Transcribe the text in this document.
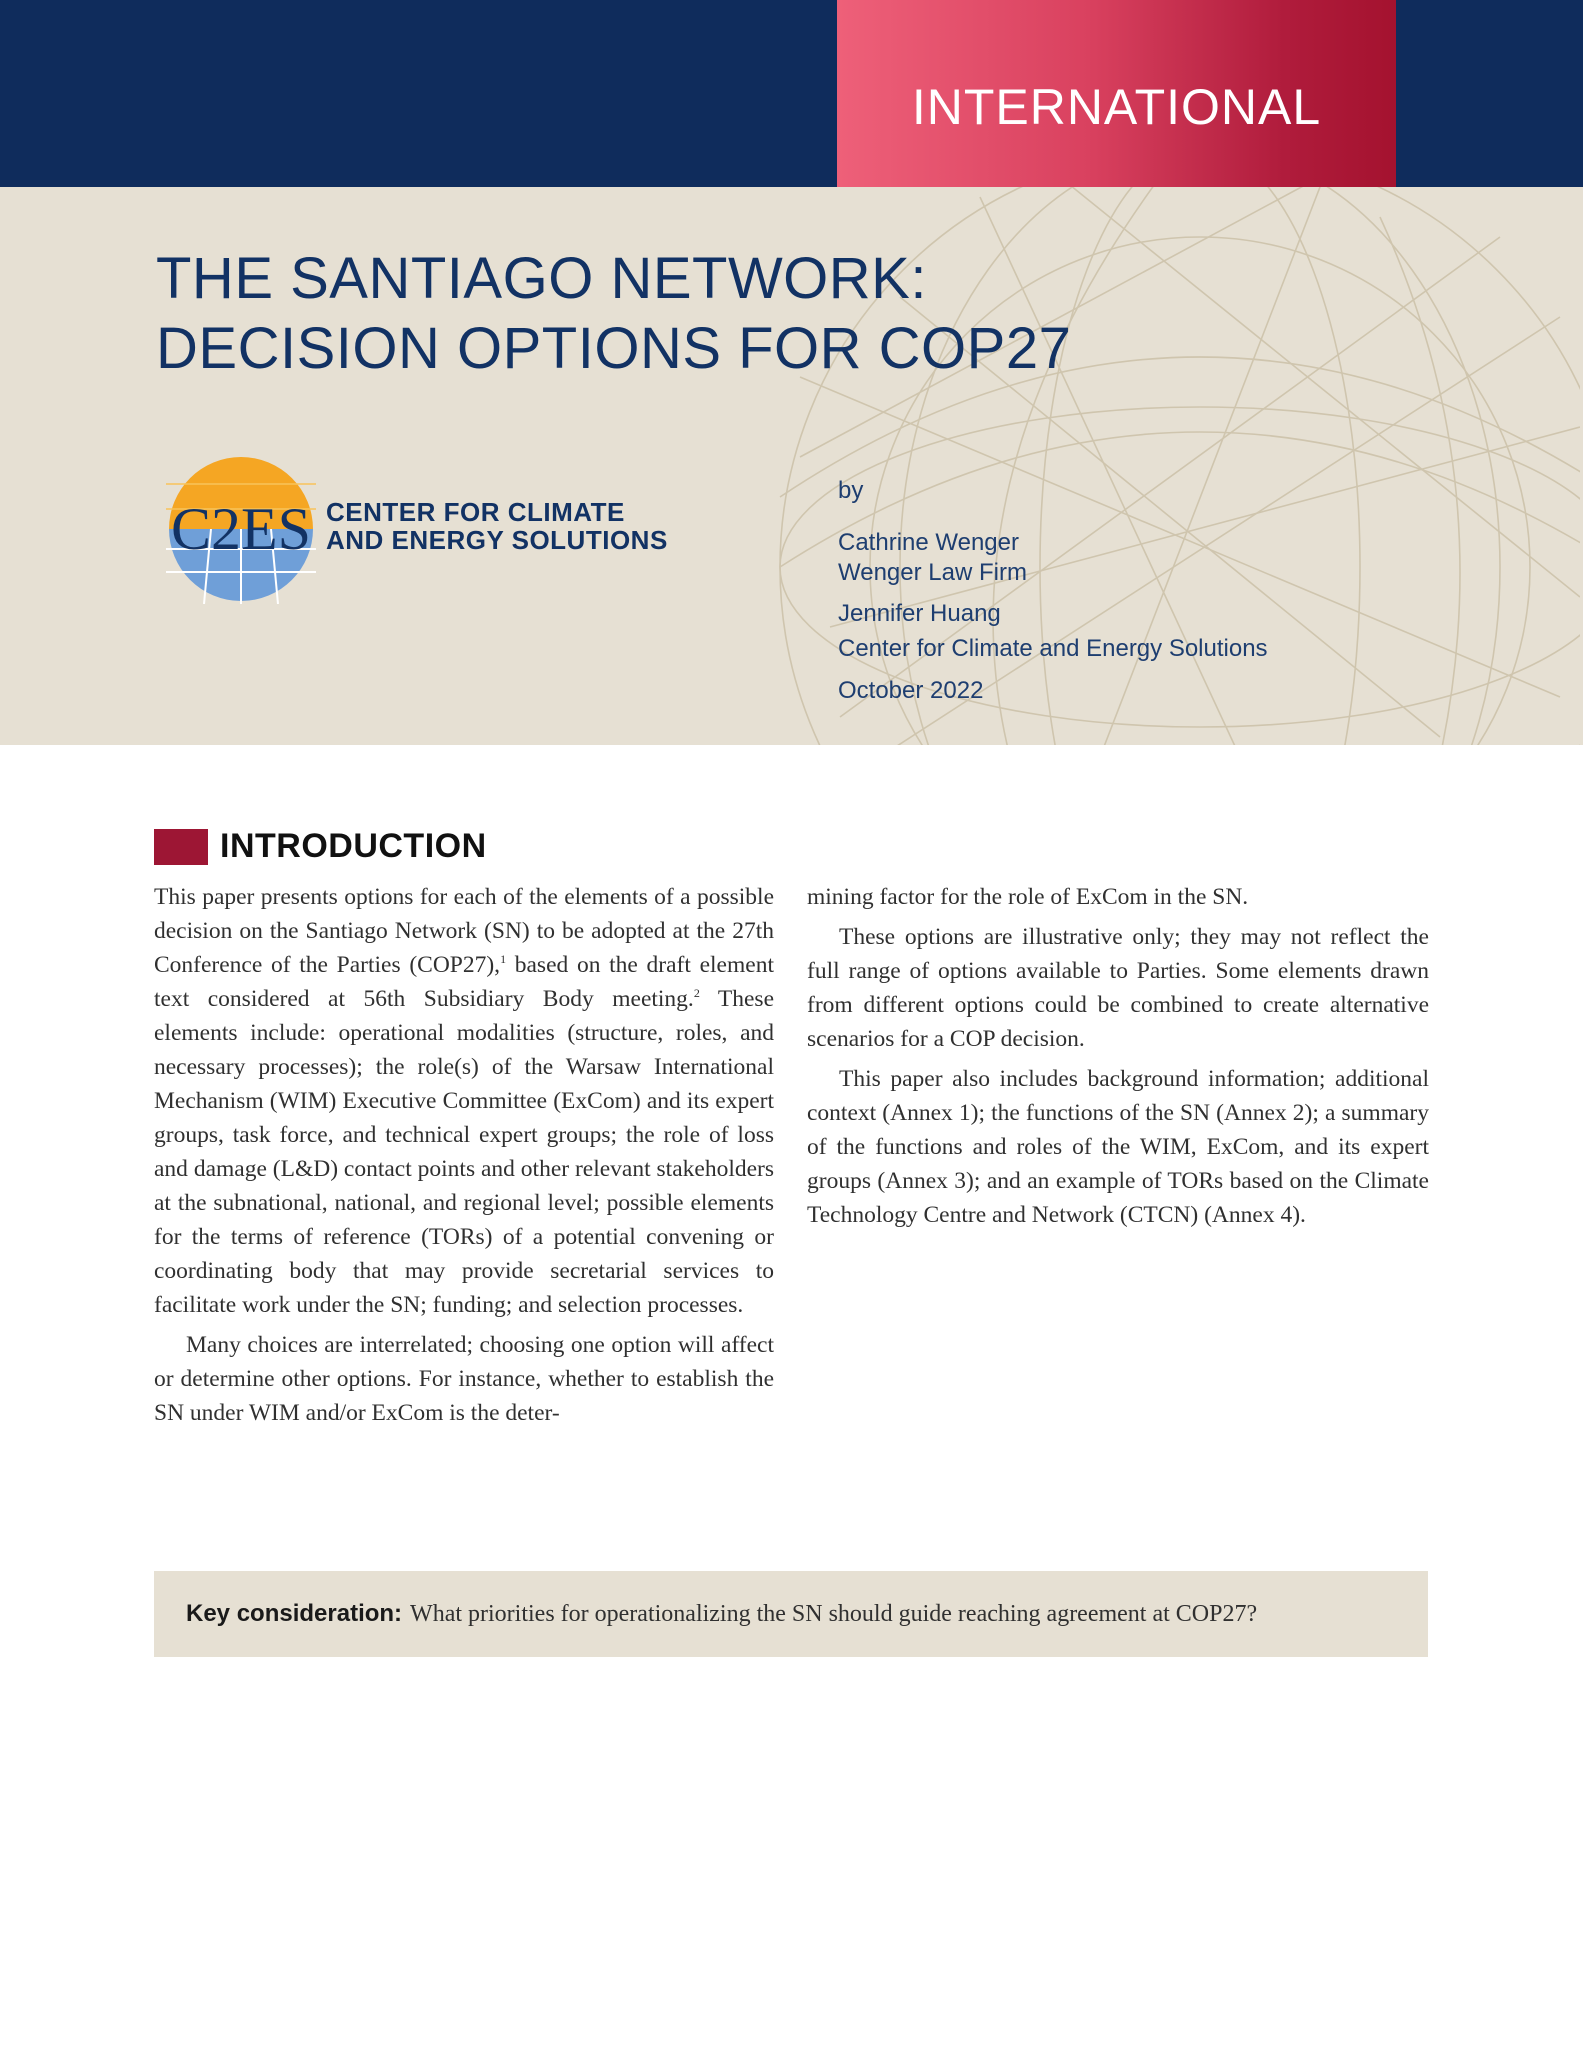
INTERNATIONAL
THE SANTIAGO NETWORK:
DECISION OPTIONS FOR COP27
C2ES CENTER FOR CLIMATE
AND ENERGY SOLUTIONS

by
Cathrine Wenger
Wenger Law Firm
Jennifer Huang
Center for Climate and Energy Solutions
October 2022
INTRODUCTION

This paper presents options for each of the elements of a possible decision on the Santiago Network (SN) to be adopted at the 27th Conference of the Parties (COP27),$^1$ based on the draft element text considered at 56th Subsidiary Body meeting.$^2$ These elements include: operational modalities (structure, roles, and necessary processes); the role(s) of the Warsaw International Mechanism (WIM) Executive Committee (ExCom) and its expert groups, task force, and technical expert groups; the role of loss and damage (L&D) contact points and other relevant stakeholders at the subnational, national, and regional level; possible elements for the terms of reference (TORs) of a potential convening or coordinating body that may provide secretarial services to facilitate work under the SN; funding; and selection processes.

Many choices are interrelated; choosing one option will affect or determine other options. For instance, whether to establish the SN under WIM and/or ExCom is the deter-

mining factor for the role of ExCom in the SN.

These options are illustrative only; they may not reflect the full range of options available to Parties. Some elements drawn from different options could be combined to create alternative scenarios for a COP decision.

This paper also includes background information; additional context (Annex 1); the functions of the SN (Annex 2); a summary of the functions and roles of the WIM, ExCom, and its expert groups (Annex 3); and an example of TORs based on the Climate Technology Centre and Network (CTCN) (Annex 4).

Key consideration: What priorities for operationalizing the SN should guide reaching agreement at COP27?
